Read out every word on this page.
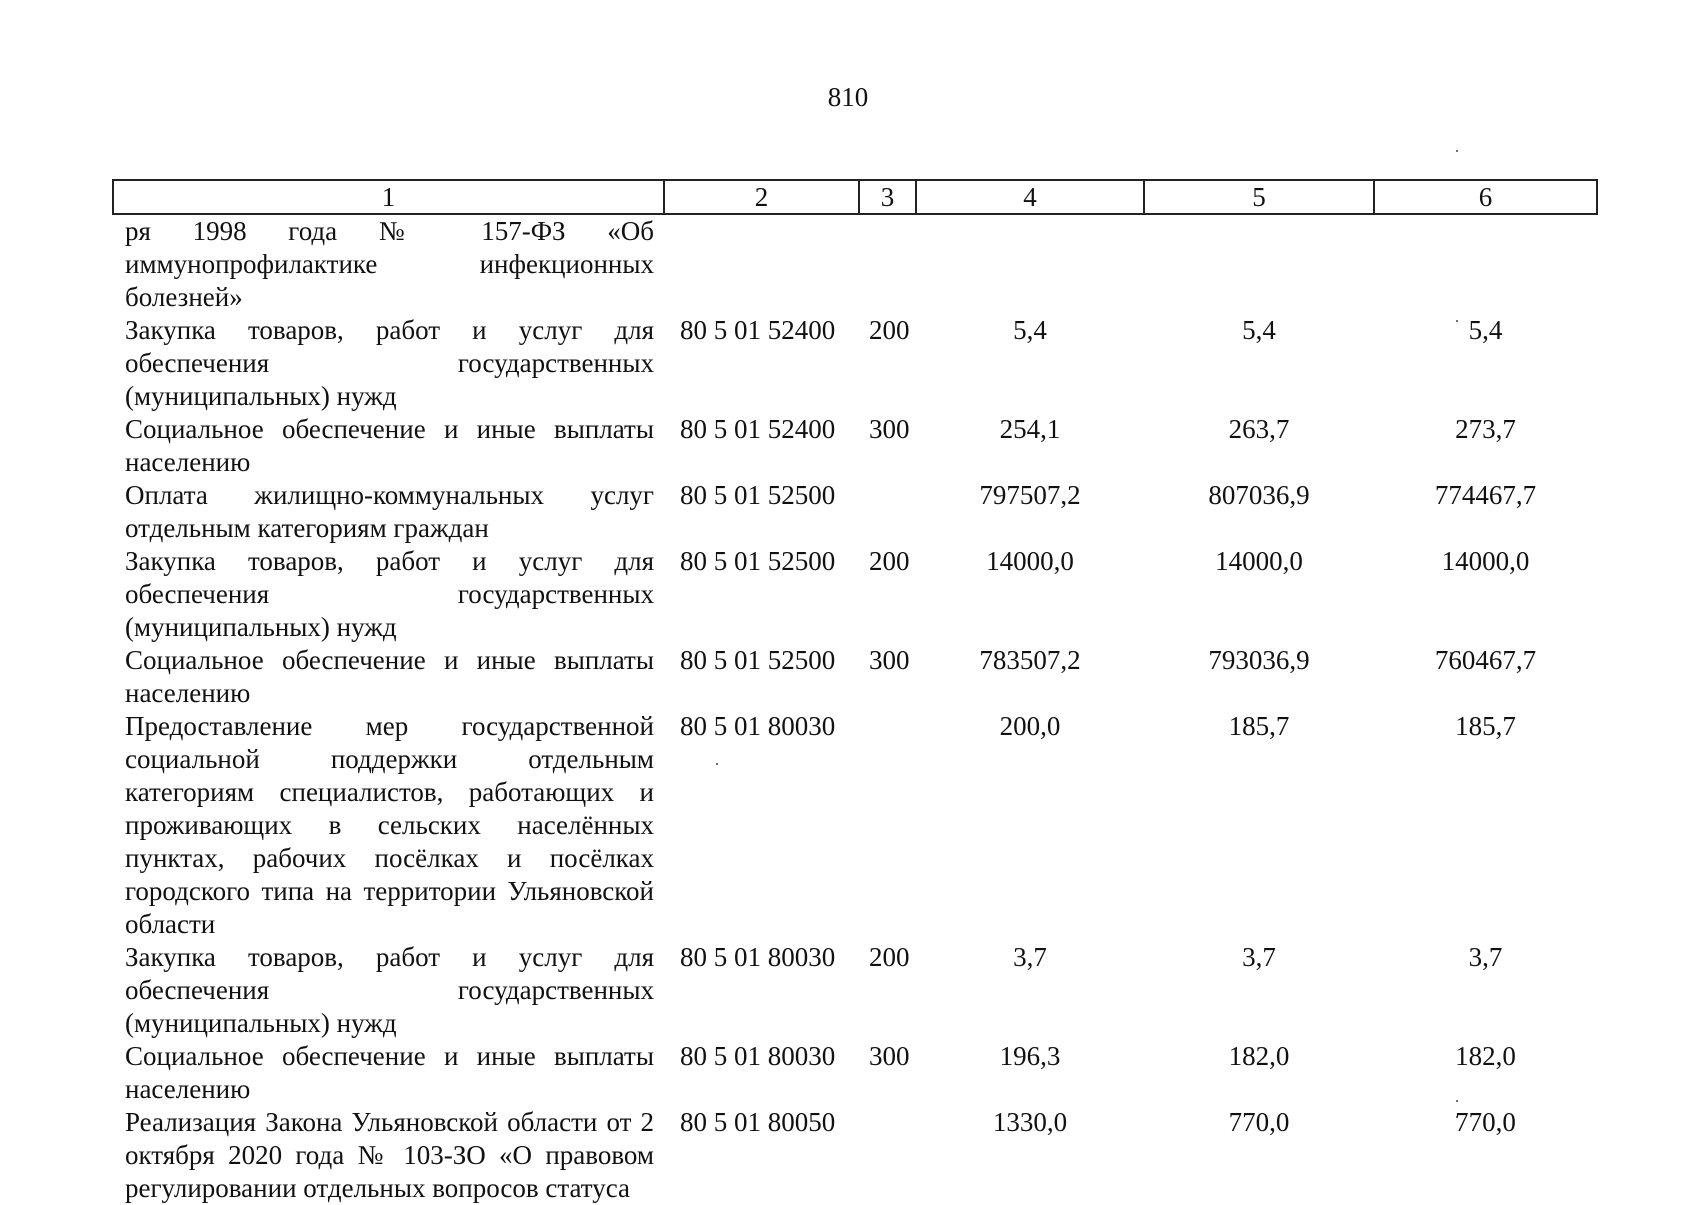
810
1	2	3	4	5	6
ря 1998 года № 157-ФЗ «Об иммунопрофилактике инфекционных болезней»					
Закупка товаров, работ и услуг для обеспечения государственных (муниципальных) нужд	80 5 01 52400	200	5,4	5,4	5,4
Социальное обеспечение и иные выплаты населению	80 5 01 52400	300	254,1	263,7	273,7
Оплата жилищно-коммунальных услуг отдельным категориям граждан	80 5 01 52500		797507,2	807036,9	774467,7
Закупка товаров, работ и услуг для обеспечения государственных (муниципальных) нужд	80 5 01 52500	200	14000,0	14000,0	14000,0
Социальное обеспечение и иные выплаты населению	80 5 01 52500	300	783507,2	793036,9	760467,7
Предоставление мер государственной социальной поддержки отдельным категориям специалистов, работающих и проживающих в сельских населённых пунктах, рабочих посёлках и посёлках городского типа на территории Ульяновской области	80 5 01 80030		200,0	185,7	185,7
Закупка товаров, работ и услуг для обеспечения государственных (муниципальных) нужд	80 5 01 80030	200	3,7	3,7	3,7
Социальное обеспечение и иные выплаты населению	80 5 01 80030	300	196,3	182,0	182,0
Реализация Закона Ульяновской области от 2 октября 2020 года № 103-ЗО «О правовом регулировании отдельных вопросов статуса	80 5 01 80050		1330,0	770,0	770,0
